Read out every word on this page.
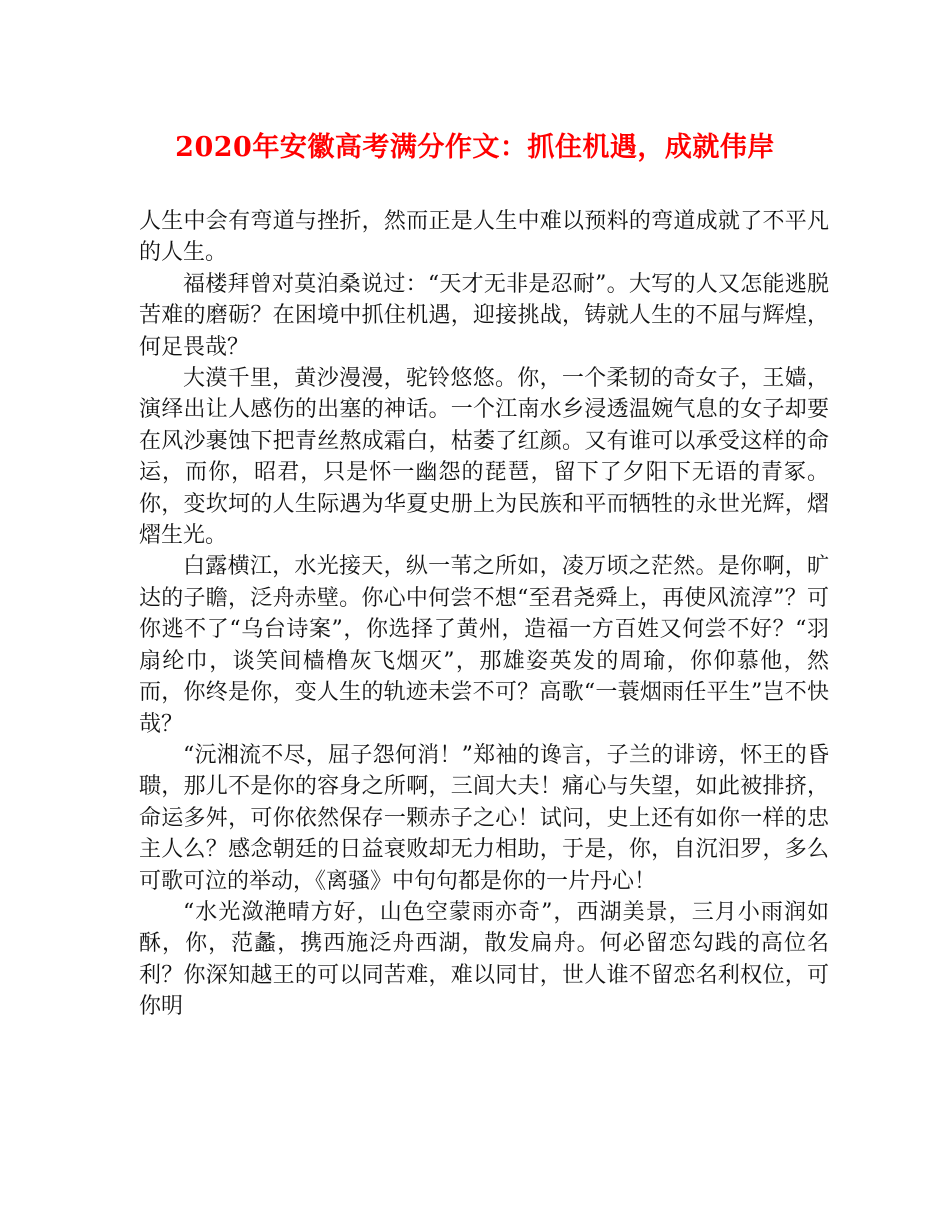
2020年安徽高考满分作文：抓住机遇，成就伟岸

人生中会有弯道与挫折，然而正是人生中难以预料的弯道成就了不平凡的人生。

福楼拜曾对莫泊桑说过：“天才无非是忍耐”。大写的人又怎能逃脱苦难的磨砺？在困境中抓住机遇，迎接挑战，铸就人生的不屈与辉煌，何足畏哉？

大漠千里，黄沙漫漫，驼铃悠悠。你，一个柔韧的奇女子，王嫱，演绎出让人感伤的出塞的神话。一个江南水乡浸透温婉气息的女子却要在风沙裹蚀下把青丝熬成霜白，枯萎了红颜。又有谁可以承受这样的命运，而你，昭君，只是怀一幽怨的琵琶，留下了夕阳下无语的青冢。你，变坎坷的人生际遇为华夏史册上为民族和平而牺牲的永世光辉，熠熠生光。

白露横江，水光接天，纵一苇之所如，凌万顷之茫然。是你啊，旷达的子瞻，泛舟赤壁。你心中何尝不想“至君尧舜上，再使风流淳”？可你逃不了“乌台诗案”，你选择了黄州，造福一方百姓又何尝不好？“羽扇纶巾，谈笑间樯橹灰飞烟灭”，那雄姿英发的周瑜，你仰慕他，然而，你终是你，变人生的轨迹未尝不可？高歌“一蓑烟雨任平生”岂不快哉？

“沅湘流不尽，屈子怨何消！”郑袖的谗言，子兰的诽谤，怀王的昏聩，那儿不是你的容身之所啊，三闾大夫！痛心与失望，如此被排挤，命运多舛，可你依然保存一颗赤子之心！试问，史上还有如你一样的忠主人么？感念朝廷的日益衰败却无力相助，于是，你，自沉汨罗，多么可歌可泣的举动，《离骚》中句句都是你的一片丹心！

“水光潋滟晴方好，山色空蒙雨亦奇”，西湖美景，三月小雨润如酥，你，范蠡，携西施泛舟西湖，散发扁舟。何必留恋勾践的高位名利？你深知越王的可以同苦难，难以同甘，世人谁不留恋名利权位，可你明
